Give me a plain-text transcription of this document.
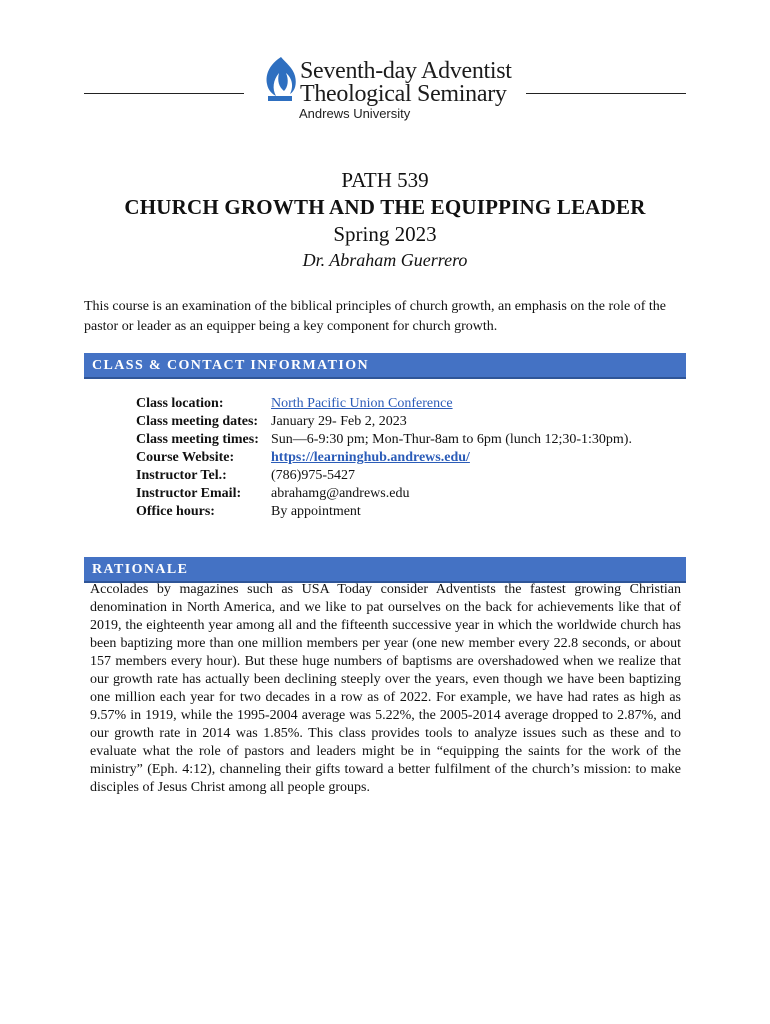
Seventh-day Adventist
Theological Seminary
Andrews University
PATH 539
CHURCH GROWTH AND THE EQUIPPING LEADER
Spring 2023
Dr. Abraham Guerrero
This course is an examination of the biblical principles of church growth, an emphasis on the role of the pastor or leader as an equipper being a key component for church growth.
CLASS & CONTACT INFORMATION
Class location:	North Pacific Union Conference
Class meeting dates: January 29- Feb 2, 2023
Class meeting times: Sun—6-9:30 pm; Mon-Thur-8am to 6pm (lunch 12;30-1:30pm).
Course Website:	https://learninghub.andrews.edu/
Instructor Tel.:	(786)975-5427
Instructor Email: abrahamg@andrews.edu
Office hours:	By appointment
RATIONALE
Accolades by magazines such as USA Today consider Adventists the fastest growing Christian denomination in North America, and we like to pat ourselves on the back for achievements like that of 2019, the eighteenth year among all and the fifteenth successive year in which the worldwide church has been baptizing more than one million members per year (one new member every 22.8 seconds, or about 157 members every hour). But these huge numbers of baptisms are overshadowed when we realize that our growth rate has actually been declining steeply over the years, even though we have been baptizing one million each year for two decades in a row as of 2022. For example, we have had rates as high as 9.57% in 1919, while the 1995-2004 average was 5.22%, the 2005-2014 average dropped to 2.87%, and our growth rate in 2014 was 1.85%. This class provides tools to analyze issues such as these and to evaluate what the role of pastors and leaders might be in “equipping the saints for the work of the ministry” (Eph. 4:12), channeling their gifts toward a better fulfilment of the church’s mission: to make disciples of Jesus Christ among all people groups.
